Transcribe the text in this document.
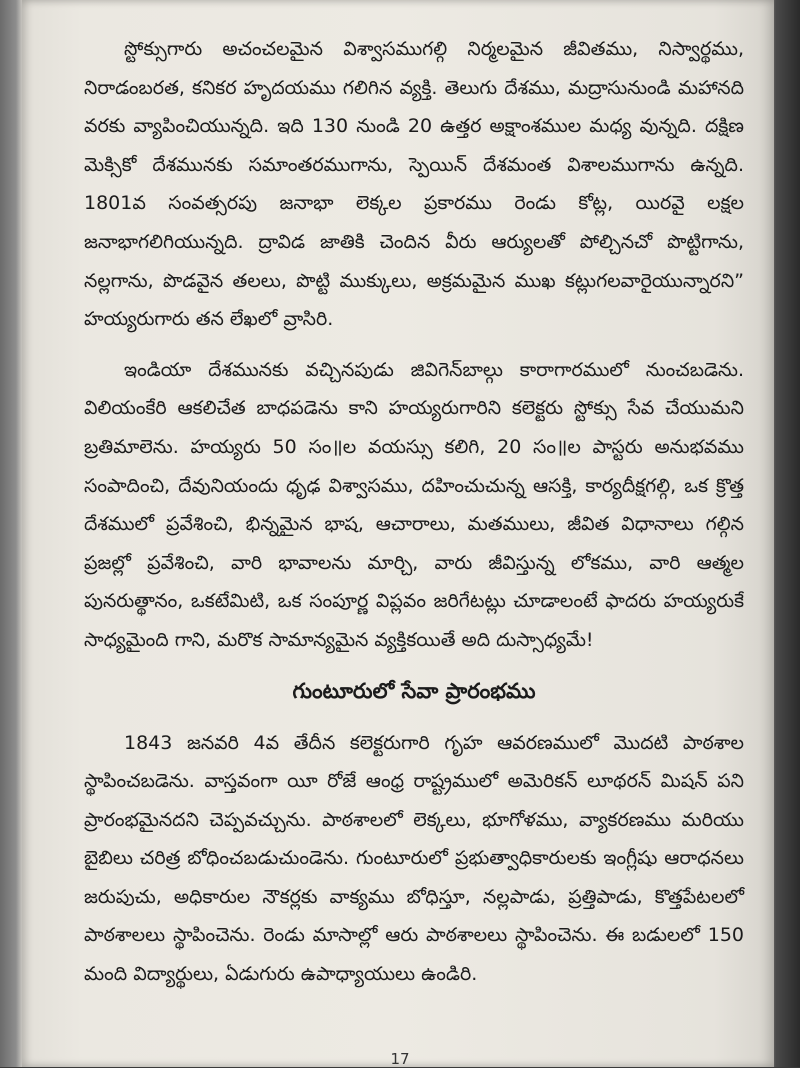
స్టోక్సుగారు అచంచలమైన విశ్వాసముగల్గి నిర్మలమైన జీవితము, నిస్వార్థము, నిరాడంబరత, కనికర హృదయము గలిగిన వ్యక్తి. తెలుగు దేశము, మద్రాసునుండి మహానది వరకు వ్యాపించియున్నది. ఇది 130 నుండి 20 ఉత్తర అక్షాంశముల మధ్య వున్నది. దక్షిణ మెక్సికో దేశమునకు సమాంతరముగాను, స్పెయిన్ దేశమంత విశాలముగాను ఉన్నది. 1801వ సంవత్సరపు జనాభా లెక్కల ప్రకారము రెండు కోట్ల, యిరవై లక్షల జనాభాగలిగియున్నది. ద్రావిడ జాతికి చెందిన వీరు ఆర్యులతో పోల్చినచో పొట్టిగాను, నల్లగాను, పొడవైన తలలు, పొట్టి ముక్కులు, అక్రమమైన ముఖ కట్లుగలవారైయున్నారని” హయ్యరుగారు తన లేఖలో వ్రాసిరి.

ఇండియా దేశమునకు వచ్చినపుడు జివిగెన్‌బాల్గు కారాగారములో నుంచబడెను. విలియంకేరి ఆకలిచేత బాధపడెను కాని హయ్యరుగారిని కలెక్టరు స్టోక్సు సేవ చేయుమని బ్రతిమాలెను. హయ్యరు 50 సం॥ల వయస్సు కలిగి, 20 సం॥ల పాస్టరు అనుభవము సంపాదించి, దేవునియందు ధృఢ విశ్వాసము, దహించుచున్న ఆసక్తి, కార్యదీక్షగల్గి, ఒక క్రొత్త దేశములో ప్రవేశించి, భిన్నమైన భాష, ఆచారాలు, మతములు, జీవిత విధానాలు గల్గిన ప్రజల్లో ప్రవేశించి, వారి భావాలను మార్చి, వారు జీవిస్తున్న లోకము, వారి ఆత్మల పునరుత్థానం, ఒకటేమిటి, ఒక సంపూర్ణ విప్లవం జరిగేటట్లు చూడాలంటే ఫాదరు హయ్యరుకే సాధ్యమైంది గాని, మరొక సామాన్యమైన వ్యక్తికయితే అది దుస్సాధ్యమే!

గుంటూరులో సేవా ప్రారంభము

1843 జనవరి 4వ తేదీన కలెక్టరుగారి గృహ ఆవరణములో మొదటి పాఠశాల స్థాపించబడెను. వాస్తవంగా యీ రోజే ఆంధ్ర రాష్ట్రములో అమెరికన్ లూథరన్ మిషన్ పని ప్రారంభమైనదని చెప్పవచ్చును. పాఠశాలలో లెక్కలు, భూగోళము, వ్యాకరణము మరియు బైబిలు చరిత్ర బోధించబడుచుండెను. గుంటూరులో ప్రభుత్వాధికారులకు ఇంగ్లీషు ఆరాధనలు జరుపుచు, అధికారుల నౌకర్లకు వాక్యము బోధిస్తూ, నల్లపాడు, ప్రత్తిపాడు, కొత్తపేటలలో పాఠశాలలు స్థాపించెను. రెండు మాసాల్లో ఆరు పాఠశాలలు స్థాపించెను. ఈ బడులలో 150 మంది విద్యార్థులు, ఏడుగురు ఉపాధ్యాయులు ఉండిరి.

17
